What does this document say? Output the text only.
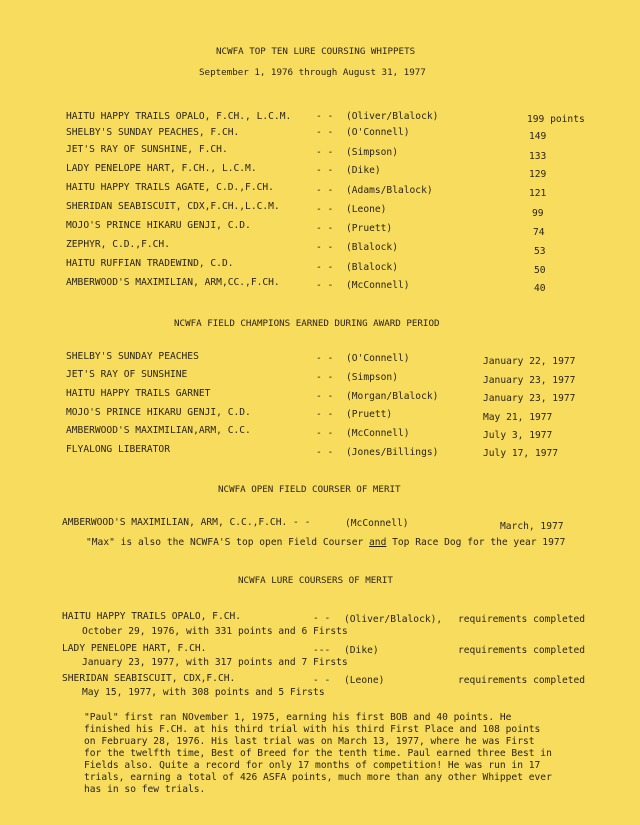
NCWFA TOP TEN LURE COURSING WHIPPETS
September 1, 1976 through August 31, 1977
HAITU HAPPY TRAILS OPALO, F.CH., L.C.M.	- - (Oliver/Blalock)	199 points
SHELBY'S SUNDAY PEACHES, F.CH.	- - (O'Connell)	149
JET'S RAY OF SUNSHINE, F.CH.	- - (Simpson)	133
LADY PENELOPE HART, F.CH., L.C.M.	- - (Dike)	129
HAITU HAPPY TRAILS AGATE, C.D.,F.CH.	- - (Adams/Blalock)	121
SHERIDAN SEABISCUIT, CDX,F.CH.,L.C.M.	- - (Leone)	99
MOJO'S PRINCE HIKARU GENJI, C.D.	- - (Pruett)	74
ZEPHYR, C.D.,F.CH.	- - (Blalock)	53
HAITU RUFFIAN TRADEWIND, C.D.	- - (Blalock)	50
AMBERWOOD'S MAXIMILIAN, ARM,CC.,F.CH.	- - (McConnell)	40
NCWFA FIELD CHAMPIONS EARNED DURING AWARD PERIOD
SHELBY'S SUNDAY PEACHES	- - (O'Connell)	January 22, 1977
JET'S RAY OF SUNSHINE	- - (Simpson)	January 23, 1977
HAITU HAPPY TRAILS GARNET	- - (Morgan/Blalock)	January 23, 1977
MOJO'S PRINCE HIKARU GENJI, C.D.	- - (Pruett)	May 21, 1977
AMBERWOOD'S MAXIMILIAN,ARM, C.C.	- - (McConnell)	July 3, 1977
FLYALONG LIBERATOR	- - (Jones/Billings)	July 17, 1977
NCWFA OPEN FIELD COURSER OF MERIT
AMBERWOOD'S MAXIMILIAN, ARM, C.C.,F.CH. - -	(McConnell)	March, 1977
"Max" is also the NCWFA'S top open Field Courser and Top Race Dog for the year 1977
NCWFA LURE COURSERS OF MERIT
HAITU HAPPY TRAILS OPALO, F.CH.	- - (Oliver/Blalock), requirements completed
October 29, 1976, with 331 points and 6 Firsts
LADY PENELOPE HART, F.CH.	--- (Dike)	requirements completed
January 23, 1977, with 317 points and 7 Firsts
SHERIDAN SEABISCUIT, CDX,F.CH.	- - (Leone)	requirements completed
May 15, 1977, with 308 points and 5 Firsts
"Paul" first ran NOvember 1, 1975, earning his first BOB and 40 points. He
finished his F.CH. at his third trial with his third First Place and 108 points
on February 28, 1976. His last trial was on March 13, 1977, where he was First
for the twelfth time, Best of Breed for the tenth time. Paul earned three Best in
Fields also. Quite a record for only 17 months of competition! He was run in 17
trials, earning a total of 426 ASFA points, much more than any other Whippet ever
has in so few trials.
